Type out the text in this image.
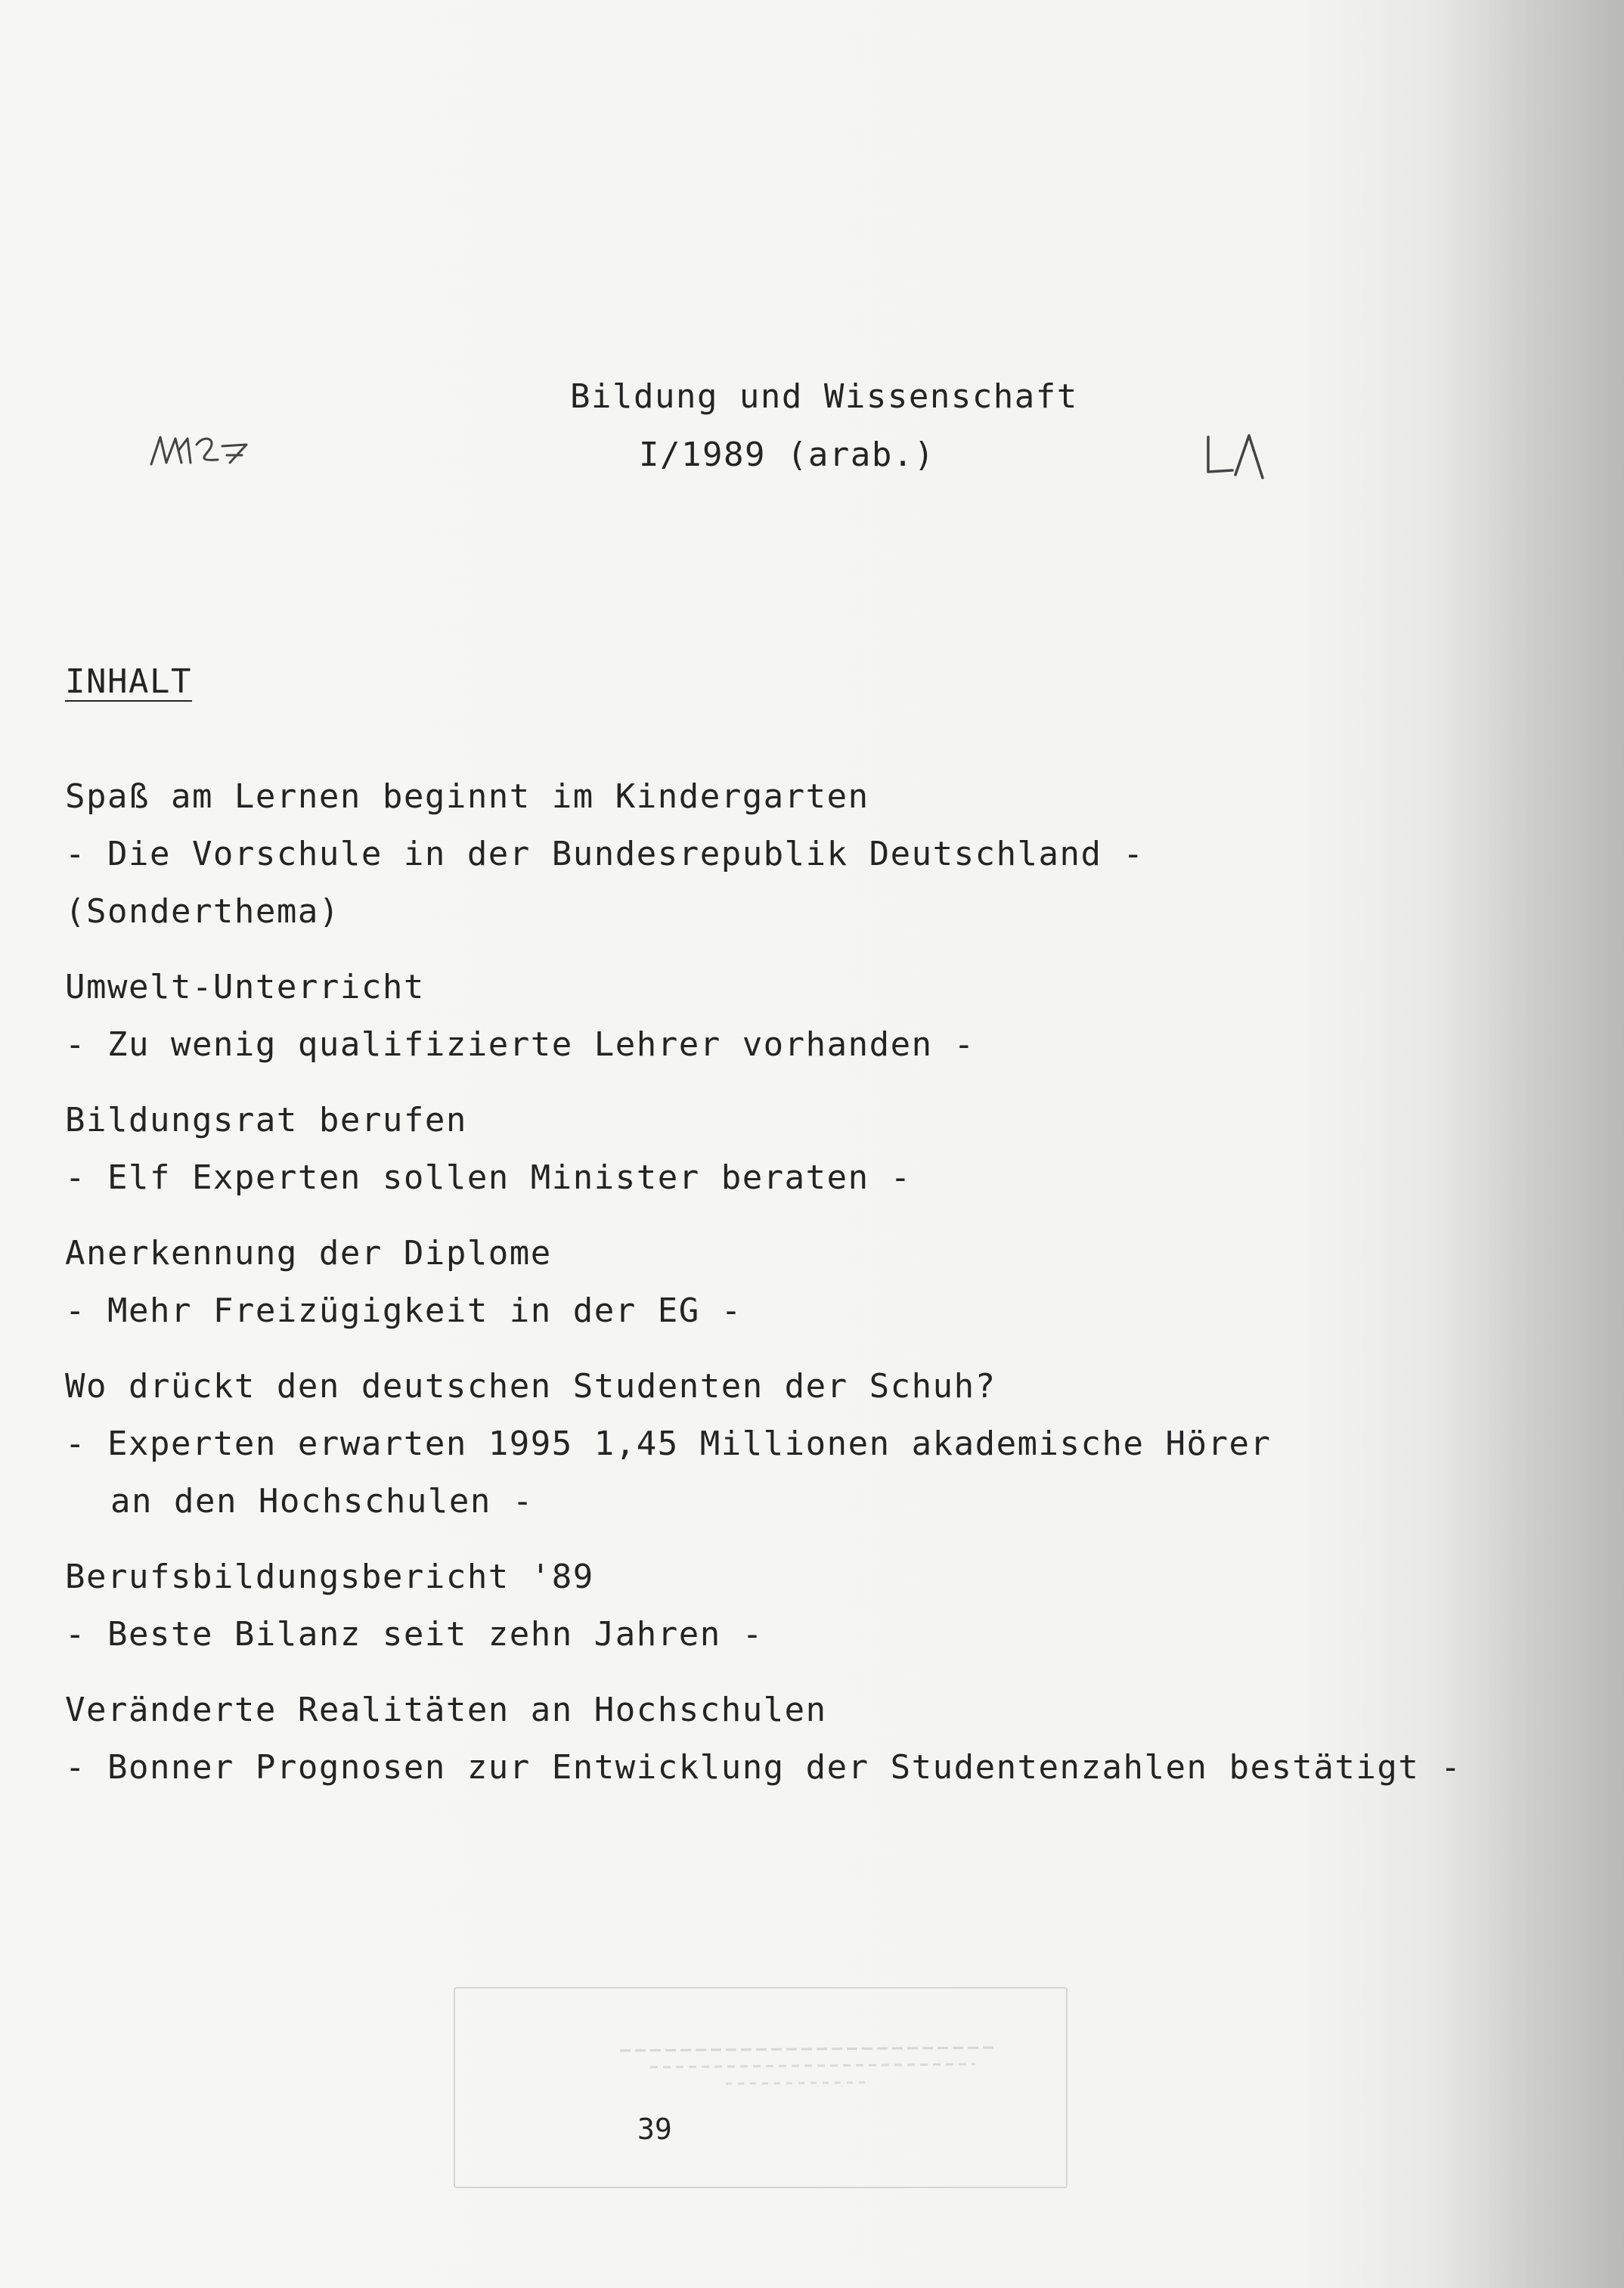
Bildung und Wissenschaft
I/1989 (arab.)
INHALT
Spaß am Lernen beginnt im Kindergarten
- Die Vorschule in der Bundesrepublik Deutschland -
(Sonderthema)
Umwelt-Unterricht
- Zu wenig qualifizierte Lehrer vorhanden -
Bildungsrat berufen
- Elf Experten sollen Minister beraten -
Anerkennung der Diplome
- Mehr Freizügigkeit in der EG -
Wo drückt den deutschen Studenten der Schuh?
- Experten erwarten 1995 1,45 Millionen akademische Hörer
an den Hochschulen -
Berufsbildungsbericht '89
- Beste Bilanz seit zehn Jahren -
Veränderte Realitäten an Hochschulen
- Bonner Prognosen zur Entwicklung der Studentenzahlen bestätigt -
39
